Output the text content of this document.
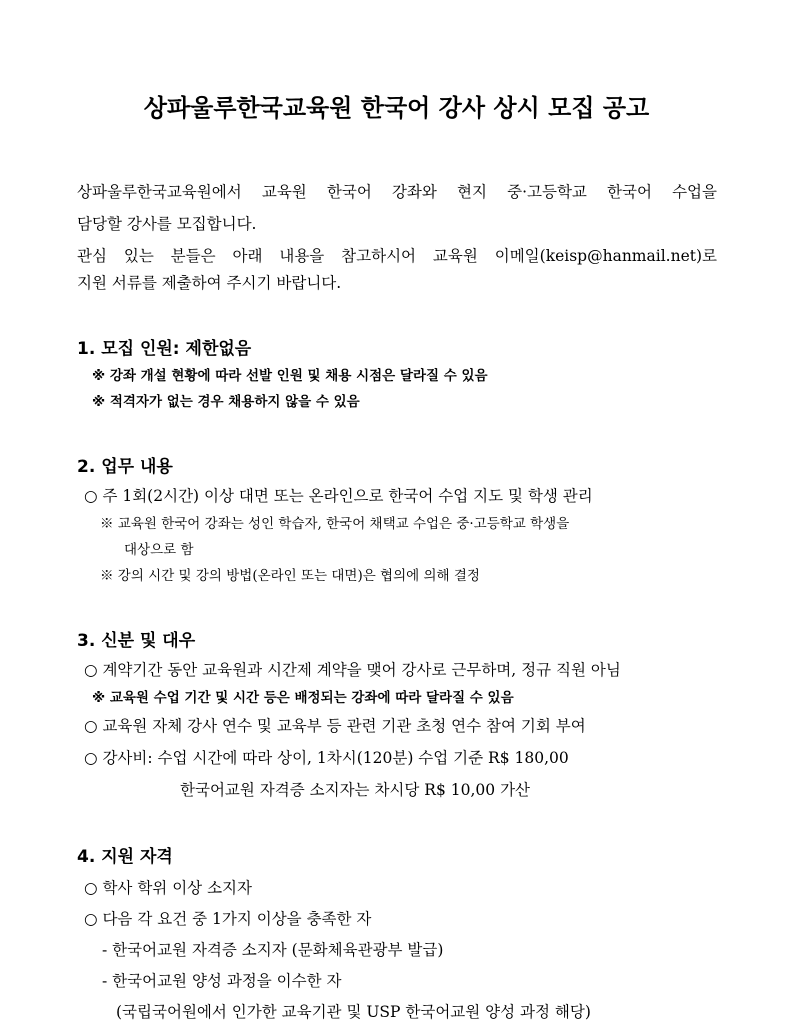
상파울루한국교육원 한국어 강사 상시 모집 공고
상파울루한국교육원에서 교육원 한국어 강좌와 현지 중·고등학교 한국어 수업을
담당할 강사를 모집합니다.
관심 있는 분들은 아래 내용을 참고하시어 교육원 이메일(keisp@hanmail.net)로
지원 서류를 제출하여 주시기 바랍니다.
1. 모집 인원: 제한없음
※ 강좌 개설 현황에 따라 선발 인원 및 채용 시점은 달라질 수 있음
※ 적격자가 없는 경우 채용하지 않을 수 있음
2. 업무 내용
○ 주 1회(2시간) 이상 대면 또는 온라인으로 한국어 수업 지도 및 학생 관리
※ 교육원 한국어 강좌는 성인 학습자, 한국어 채택교 수업은 중·고등학교 학생을
대상으로 함
※ 강의 시간 및 강의 방법(온라인 또는 대면)은 협의에 의해 결정
3. 신분 및 대우
○ 계약기간 동안 교육원과 시간제 계약을 맺어 강사로 근무하며, 정규 직원 아님
※ 교육원 수업 기간 및 시간 등은 배정되는 강좌에 따라 달라질 수 있음
○ 교육원 자체 강사 연수 및 교육부 등 관련 기관 초청 연수 참여 기회 부여
○ 강사비: 수업 시간에 따라 상이, 1차시(120분) 수업 기준 R$ 180,00
한국어교원 자격증 소지자는 차시당 R$ 10,00 가산
4. 지원 자격
○ 학사 학위 이상 소지자
○ 다음 각 요건 중 1가지 이상을 충족한 자
- 한국어교원 자격증 소지자 (문화체육관광부 발급)
- 한국어교원 양성 과정을 이수한 자
(국립국어원에서 인가한 교육기관 및 USP 한국어교원 양성 과정 해당)
